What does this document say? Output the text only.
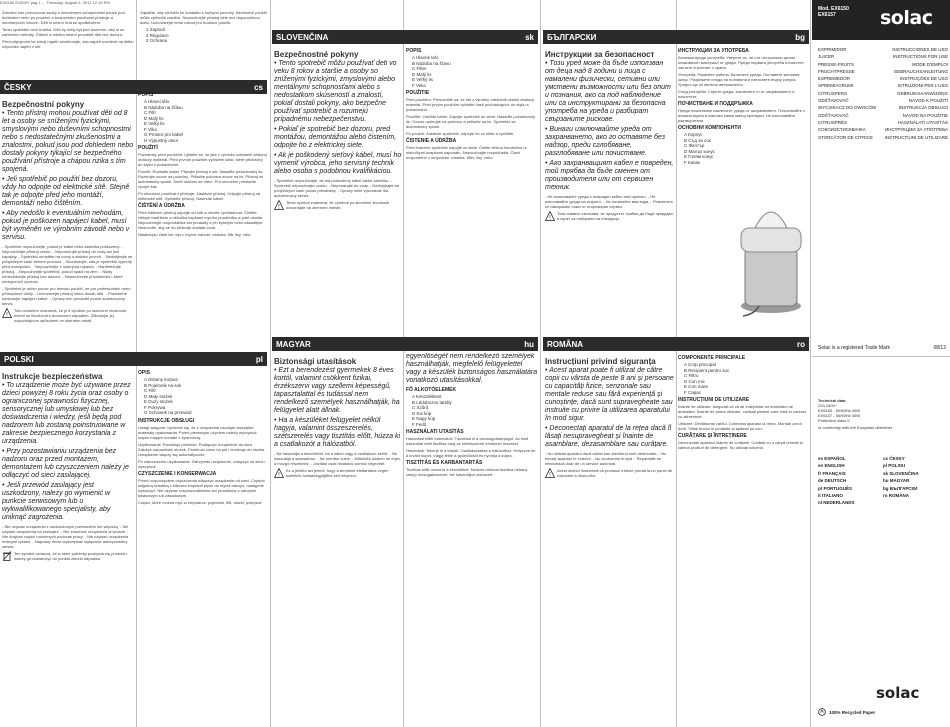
EX6150 EX6157 pag 1 ... Thursday, August 2, 2012 12:15 PM
ČESKY	cs

Zařízení smí provozovat osoby s omezenými schopnostmi pouze pod dohledem nebo po poučení o bezpečném používání přístroje a souvisejících rizicích. Děti si nesmí hrát se spotřebičem.

Tento spotřebič není hračka. Děti by měly být pod dozorem, aby si se zařízením nehrály. Čištění a údržbu nesmí provádět děti bez dozoru.

Před připojením ke zdroji napětí zkontrolujte, zda napětí uvedené na štítku odpovídá napětí v síti.

Bezpečnostní pokyny

• Tento přístroj mohou používat děti od 8 let a osoby se sníženými fyzickými, smyslovými nebo duševními schopnostmi nebo s nedostatečnými zkušenostmi a znalostmi, pokud jsou pod dohledem nebo dostaly pokyny týkající se bezpečného používání přístroje a chápou rizika s tím spojená.

• Jeli spotřebič po použití bez dozoru, vždy ho odpojte od elektrické sítě. Stejně tak je odpojte před jeho montáží, demontáží nebo čištěním.

• Aby nedošlo k eventuálním nehodám, pokud je poškozen napájecí kabel, musí být vyměněn ve výrobním závodě nebo v servisu.

- Spotřebič nepoužívejte, pokud je kabel nebo zástrčka poškozeny. - Nepoužívejte přístroj venku. - Neponořujte přístroj do vody ani jiné kapaliny. - Spotřebič umístěte na rovný a stabilní povrch. - Nedotýkejte se pohyblivých částí během provozu. - Zkontrolujte, zda je spotřebič vypnutý před manipulací. - Nepoužívejte s mokrýma rukama. - Nepřetěžujte přístroj. - Nepoužívejte spotřebič, pokud spadl na zem. - Nikdy nenechávejte přístroj bez dozoru. - Nepoužívejte příslušenství, které nedoporučil výrobce.

- Spotřebič je určen pouze pro domácí použití, ne pro profesionální nebo průmyslové účely. - Uchovávejte přístroj mimo dosah dětí. - Pravidelně kontrolujte napájecí kabel. - Opravy smí provádět pouze autorizovaný servis.

!

Toto označení znamená, že je-li výrobek po skončení životnosti, nesmí se likvidovat s domovním odpadem. Zlikvidujte jej odpovídajícím způsobem ve sběrném místě.

POPIS
A Hlavní tělo
B Nádoba na šťávu
C Filtr
D Malý lis
E Velký lis
F Víko
G Prostor pro kabel
H Výpustný otvor
POUŽITÍ

Poznámky před použitím: Ujistěte se, že jste z výrobku odstranili veškerý obalový materiál. Před prvním použitím vyčistěte části, které přicházejí do styku s potravinami.

Použití: Rozbalte kabel. Připojte přístroj k síti. Nasaďte požadovaný lis. Rozkrojte ovoce na polovinu. Přitlačte polovinu ovoce na lis. Přístroj se automaticky spustí. Směr otáčení se mění. Pro ukončení přestaňte vyvíjet tlak.

Po ukončení používání přístroje: Zastavte přístroj. Odpojte přístroj od elektrické sítě. Vyčistěte přístroj. Navinute kabel.

ČIŠTĚNÍ A ÚDRŽBA

Před čištěním přístroj odpojte od sítě a nechte vychladnout. Čistěte vlhkým hadříkem s několika kapkami mycího prostředku a poté osušte. Nepoužívejte rozpouštědla ani produkty s pH kyselým nebo zásaditým. Nedovolte, aby se do přístroje dostala voda.

Následující části lze mýt v myčce nádobí: nádoba, filtr, lisy, víko.

POLSKI	pl
Instrukcje bezpieczeństwa

• To urządzenie może być używane przez dzieci powyżej 8 roku życia oraz osoby o ograniczonej sprawności fizycznej, sensorycznej lub umysłowej lub bez doświadczenia i wiedzy, jeśli będą pod nadzorem lub zostaną poinstruowane w zakresie bezpiecznego korzystania z urządzenia.

• Przy pozostawianiu urządzenia bez nadzoru oraz przed montażem, demontażem lub czyszczeniem należy je odłączyć od sieci zasilającej.

• Jeśli przewód zasilający jest uszkodzony, należy go wymienić w punkcie serwisowym lub u wykwalifikowanego specjalisty, aby uniknąć zagrożenia.

- Nie używać urządzenia z uszkodzonym przewodem lub wtyczką. - Nie używać urządzenia na zewnątrz. - Nie zanurzać urządzenia w wodzie. - Nie dotykać części ruchomych podczas pracy. - Nie używać urządzenia mokrymi rękami. - Naprawy może wykonywać wyłącznie autoryzowany serwis.

Ten symbol oznacza, że w razie potrzeby pozbycia się produktu należy go dostarczyć do punktu zbiórki odpadów.

OPIS
A Główny korpus
B Pojemnik na sok
C Filtr
D Mały stożek
E Duży stożek
F Pokrywa
G Schowek na przewód
INSTRUKCJE OBSŁUGI

Uwagi wstępne: Upewnić się, że z urządzenia usunięto wszystkie materiały opakowania. Przed pierwszym użyciem należy wyczyścić części mające kontakt z żywnością.

Użytkowanie: Rozwinąć przewód. Podłączyć urządzenie do sieci. Założyć odpowiedni stożek. Przekroić owoc na pół i docisnąć do stożka. Urządzenie włączy się automatycznie.

Po zakończeniu użytkowania: Zatrzymać urządzenie, odłączyć od sieci i wyczyścić.

CZYSZCZENIE I KONSERWACJA

Przed rozpoczęciem czyszczenia odłączyć urządzenie od sieci. Czyścić wilgotną szmatką z kilkoma kroplami płynu do mycia naczyń, następnie wysuszyć. Nie używać rozpuszczalników ani produktów o odczynie kwasowym lub zasadowym.

Części, które można myć w zmywarce: pojemnik, filtr, stożki, pokrywa.

SLOVENČINA	sk

Zajistěte, aby nedošlo ke kontaktu s horkými povrchy. Nevhodné použití může způsobit zranění. Nepoužívejte přístroj déle než doporučenou dobu. Uchovávejte tento návod pro budoucí použití.

1 Zapnutí
2 Regulace
3 Ochrana
Bezpečnostné pokyny

• Tento spotrebič môžu používať deti vo veku 8 rokov a staršie a osoby so zníženými fyzickými, zmyslovými alebo mentálnymi schopnosťami alebo s nedostatkom skúseností a znalostí, pokiaľ dostali pokyny, ako bezpečne používať spotrebič a rozumejú prípadnému nebezpečenstvu.

• Pokiaľ je spotrebič bez dozoru, pred montážou, demontážou alebo čistením, odpojte ho z elektrickej siete.

• Ak je poškodený sieťový kábel, musí ho vymeniť výrobca, jeho servisný technik alebo osoba s podobnou kvalifikáciou.

- Spotrebič nepoužívajte, ak má poškodený kábel alebo zástrčku. - Spotrebič nepoužívajte vonku. - Neponárajte do vody. - Nedotýkajte sa pohyblivých častí počas prevádzky. - Opravy smie vykonávať iba autorizovaný servis.

!

Tento symbol znamená, že výrobok po skončení životnosti odovzdajte na zbernom mieste.

POPIS
A Hlavné telo
B Nádoba na šťavu
C Filter
D Malý lis
E Veľký lis
F Veko
POUŽITIE

Pred použitím: Presvedčte sa, že ste z výrobku odstránili všetok obalový materiál. Pred prvým použitím vyčistite časti prichádzajúce do styku s potravinami.

Použitie: Odviňte kábel. Zapojte spotrebič do siete. Nasaďte požadovaný lis. Ovocie rozkrojte na polovicu a pritlačte na lis. Spotrebič sa automaticky spustí.

Po použití: Zastavte spotrebič, odpojte ho zo siete a vyčistite.

ČISTENIE A ÚDRŽBA

Pred čistením spotrebič odpojte zo siete. Čistite vlhkou handričkou s niekoľkými kvapkami saponátu. Nepoužívajte rozpúšťadlá. Časti umývateľné v umývačke: nádoba, filter, lisy, veko.

MAGYAR	hu
Biztonsági utasítások

• Ezt a berendezést gyermekek 8 éves kortól, valamint csökkent fizikai, érzékszervi vagy szellemi képességű, tapasztalattal és tudással nem rendelkező személyek használhatják, ha felügyelet alatt állnak.

• Ha a készüléket felügyelet nélkül hagyja, valamint összeszerelés, szétszerelés vagy tisztítás előtt, húzza ki a csatlakozót a hálózatból.

- Ne használja a készüléket, ha a kábel vagy a csatlakozó sérült. - Ne használja a szabadban. - Ne merítse vízbe. - Működés közben ne érjen a mozgó részekhez. - Javítást csak hivatalos szerviz végezhet.

!

Ez a jelölés azt jelenti, hogy a terméket élettartama végén szelektív hulladékgyűjtőbe kell helyezni.

egyenlőségét nem rendelkező személyek használhatják, megfelelő felügyelettel vagy a készülék biztonságos használatára vonatkozó utasításokkal.

FŐ ALKOTÓELEMEK
A Készüléktest
B Lédobozos tartály
C Szűrő
D Kis kúp
E Nagy kúp
F Fedő
HASZNÁLATI UTASÍTÁS

Használat előtti tudnivalók: Távolítsa el a csomagolóanyagot. Az első használat előtt tisztítsa meg az élelmiszerrel érintkező részeket.

Használat: Tekerje le a kábelt. Csatlakoztassa a hálózathoz. Helyezze fel a kívánt kúpot. Vágja félbe a gyümölcsöt és nyomja a kúpra.

TISZTÍTÁS ÉS KARBANTARTÁS

Tisztítás előtt húzza ki a készüléket. Nedves ruhával tisztítsa néhány csepp mosogatószerrel. Ne használjon oldószert.

БЪЛГАРСКИ	bg
Инструкции за безопасност

• Този уред може да бъде използван от деца над 8 години и лица с намалени физически, сетивни или умствени възможности или без опит и познания, ако са под наблюдение или са инструктирани за безопасна употреба на уреда и разбират свързаните рискове.

• Винаги изключвайте уреда от захранването, ако го оставяте без надзор, преди сглобяване, разглобяване или почистване.

• Ако захранващият кабел е повреден, той трябва да бъде сменен от производителя или от сервизен техник.

- Не използвайте уреда с повреден кабел или щепсел. - Не използвайте уреда на открито. - Не потапяйте във вода. - Ремонтите се извършват само от оторизиран сервиз.

!

Този символ означава, че продуктът трябва да бъде предаден в пункт за събиране на отпадъци.

ИНСТРУКЦИИ ЗА УПОТРЕБА

Бележки преди употреба: Уверете се, че сте отстранили целия опаковъчен материал от уреда. Преди първата употреба почистете частите в контакт с храна.

Употреба: Развийте кабела. Включете уреда. Поставете желания конус. Разрежете плода на половина и натиснете върху конуса. Уредът ще се включи автоматично.

След употреба: Спрете уреда, изключете го от захранването и почистете.

ПОЧИСТВАНЕ И ПОДДРЪЖКА

Преди почистване изключете уреда от захранването. Почиствайте с влажна кърпа и няколко капки миещ препарат. Не използвайте разтворители.

ОСНОВНИ КОМПОНЕНТИ
A Корпус
B Съд за сок
C Филтър
D Малък конус
E Голям конус
F Капак
ROMÂNA	ro
Instrucțiuni privind siguranța

• Acest aparat poate fi utilizat de către copii cu vârsta de peste 8 ani și persoane cu capacități fizice, senzoriale sau mentale reduse sau fără experiență și cunoștințe, dacă sunt supravegheate sau instruite cu privire la utilizarea aparatului în mod sigur.

• Deconectați aparatul de la rețea dacă îl lăsați nesupravegheat și înainte de asamblare, dezasamblare sau curățare.

- Nu utilizați aparatul dacă cablul sau ștecherul sunt deteriorate. - Nu folosiți aparatul în exterior. - Nu scufundați în apă. - Reparațiile se efectuează doar de un service autorizat.

!

Acest simbol înseamnă că produsul trebuie predat la un punct de colectare a deșeurilor.

COMPONENTE PRINCIPALE
A Corp principal
B Recipient pentru suc
C Filtru
D Con mic
E Con mare
F Capac
INSTRUCȚIUNI DE UTILIZARE

Înainte de utilizare: Asigurați-vă că ați îndepărtat tot materialul de ambalare. Înainte de prima utilizare, curățați piesele care intră în contact cu alimentele.

Utilizare: Desfășurați cablul. Conectați aparatul la rețea. Montați conul dorit. Tăiați fructul în jumătate și apăsați pe con.

CURĂȚARE ȘI ÎNTREȚINERE

Deconectați aparatul înainte de curățare. Curățați cu o cârpă umedă și câteva picături de detergent. Nu utilizați solvenți.

Mod. EX6150
EX6157	solac
EXPRIMIDOR	INSTRUCCIONES DE USO
JUICER	INSTRUCTIONS FOR USE
PRESSE-FRUITS	MODE D'EMPLOI
FRUCHTPRESSE	GEBRAUCHSANLEITUNG
ESPREMEDOR	INSTRUÇÕES DE USO
SPREMIAGRUMI	ISTRUZIONI PER L'USO
CITRUSPERS	GEBRUIKSAANWIJZING
ODŠŤAVOVAČ	NÁVOD K POUŽITÍ
WYCISKACZ DO OWOCÓW	INSTRUKCJA OBSŁUGI
ODŠŤAVOVAČ	NÁVOD NA POUŽITIE
CITRUSPRÉS	HASZNÁLATI UTASÍTÁS
СОКОИЗСТИСКВАЧКА	ИНСТРУКЦИИ ЗА УПОТРЕБА
STORCĂTOR DE CITRICE	INSTRUCȚIUNI DE UTILIZARE
Solac is a registered Trade Mark	08/12
Technical data
220-240V~
EX6150 - 50/60Hz 40W
EX6157 - 50/60Hz 40W
Protection class II
In conformity with the European directives
es ESPAÑOL	cs ČESKY
en ENGLISH	pl POLSKI
fr FRANÇAIS	sk SLOVENČINA
de DEUTSCH	hu MAGYAR
pt PORTUGUÊS	bg БЪЛГАРСКИ
it ITALIANO	ro ROMÂNA
nl NEDERLANDS
solac
100% Recycled Paper
